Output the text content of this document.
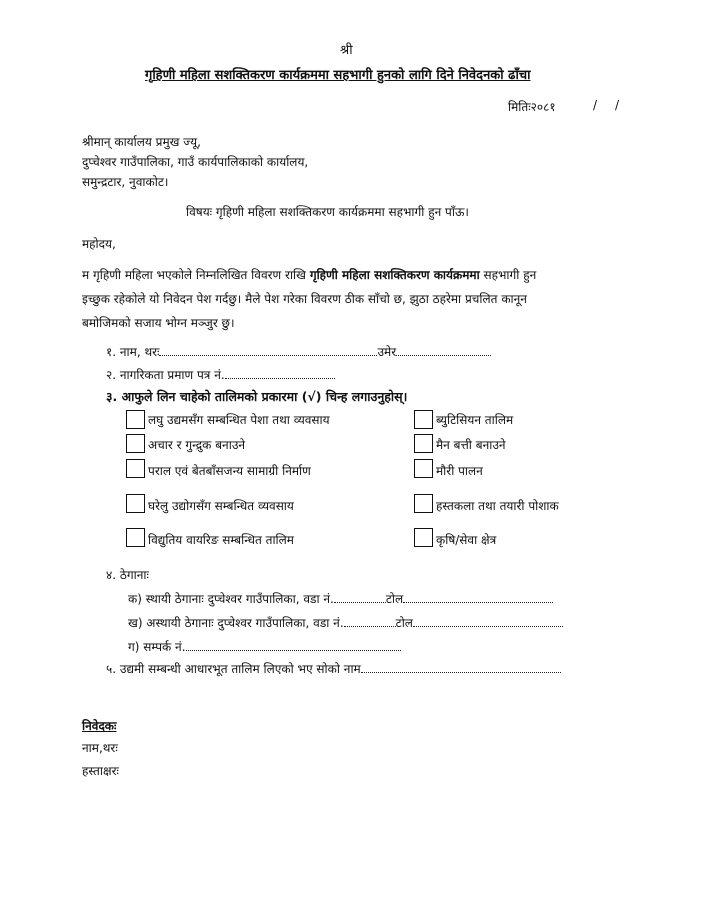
श्री
गृहिणी महिला सशक्तिकरण कार्यक्रममा सहभागी हुनको लागि दिने निवेदनको ढाँचा
मितिः२०८१	/ /
श्रीमान् कार्यालय प्रमुख ज्यू,
दुप्चेश्वर गाउँपालिका, गाउँ कार्यपालिकाको कार्यालय,
समुन्द्रटार, नुवाकोट।
विषयः गृहिणी महिला सशक्तिकरण कार्यक्रममा सहभागी हुन पाँऊ।
महोदय,
म गृहिणी महिला भएकोले निम्नलिखित विवरण राखि गृहिणी महिला सशक्तिकरण कार्यक्रममा सहभागी हुन
इच्छुक रहेकोले यो निवेदन पेश गर्दछु। मैले पेश गरेका विवरण ठीक साँचो छ, झुठा ठहरेमा प्रचलित कानून
बमोजिमको सजाय भोग्न मञ्जुर छु।
१. नाम, थरः	उमेर
२. नागरिकता प्रमाण पत्र नं.
३. आफुले लिन चाहेको तालिमको प्रकारमा (√) चिन्ह लगाउनुहोस्।
लघु उद्यमसँग सम्बन्धित पेशा तथा व्यवसाय	ब्युटिसियन तालिम
अचार र गुन्द्रुक बनाउने	मैन बत्ती बनाउने
पराल एवं बेतबाँसजन्य सामाग्री निर्माण	मौरी पालन
घरेलु उद्योगसँग सम्बन्धित व्यवसाय	हस्तकला तथा तयारी पोशाक
विद्युतिय वायरिङ सम्बन्धित तालिम	कृषि/सेवा क्षेत्र
४. ठेगानाः
क) स्थायी ठेगानाः दुप्चेश्वर गाउँपालिका, वडा नं.	टोल
ख) अस्थायी ठेगानाः दुप्चेश्वर गाउँपालिका, वडा नं.	टोल
ग) सम्पर्क नं.
५. उद्यमी सम्बन्धी आधारभूत तालिम लिएको भए सोको नाम
निवेदकः
नाम,थरः
हस्ताक्षरः
